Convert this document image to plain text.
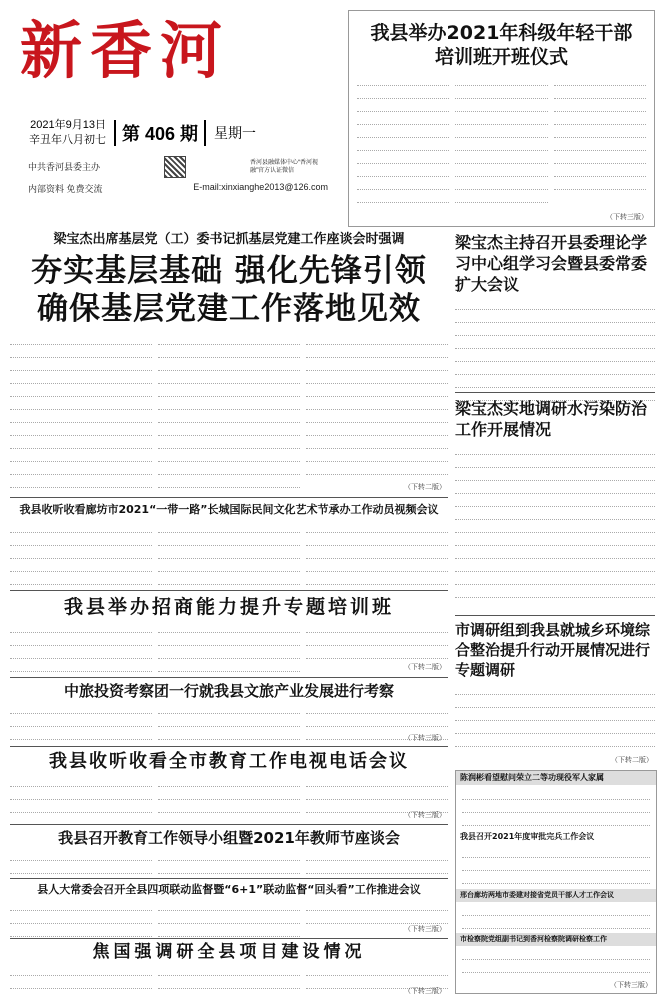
新香河
2021年9月13日
辛丑年八月初七 第 406 期	星期一
中共香河县委主办	香河县融媒体中心“香河视融”官方认证微信
内部资料 免费交流	E-mail:xinxianghe2013@126.com
我县举办2021年科级年轻干部培训班开班仪式
（下转三版）
梁宝杰出席基层党（工）委书记抓基层党建工作座谈会时强调
夯实基层基础 强化先锋引领
确保基层党建工作落地见效
（下转二版）
梁宝杰主持召开县委理论学习中心组学习会暨县委常委扩大会议
梁宝杰实地调研水污染防治工作开展情况
市调研组到我县就城乡环境综合整治提升行动开展情况进行专题调研
（下转二版）
陈润彬看望慰问荣立二等功现役军人家属
我县召开2021年度审批完兵工作会议
邢台廊坊两地市委建对接省党员干部人才工作会议
市检察院党组副书记到香河检察院调研检察工作
（下转三版）
我县收听收看廊坊市2021“一带一路”长城国际民间文化艺术节承办工作动员视频会议
我县举办招商能力提升专题培训班
（下转二版）
中旅投资考察团一行就我县文旅产业发展进行考察
（下转三版）
我县收听收看全市教育工作电视电话会议
（下转三版）
我县召开教育工作领导小组暨2021年教师节座谈会
县人大常委会召开全县四项联动监督暨“6+1”联动监督“回头看”工作推进会议
（下转三版）
焦国强调研全县项目建设情况
（下转三版）
